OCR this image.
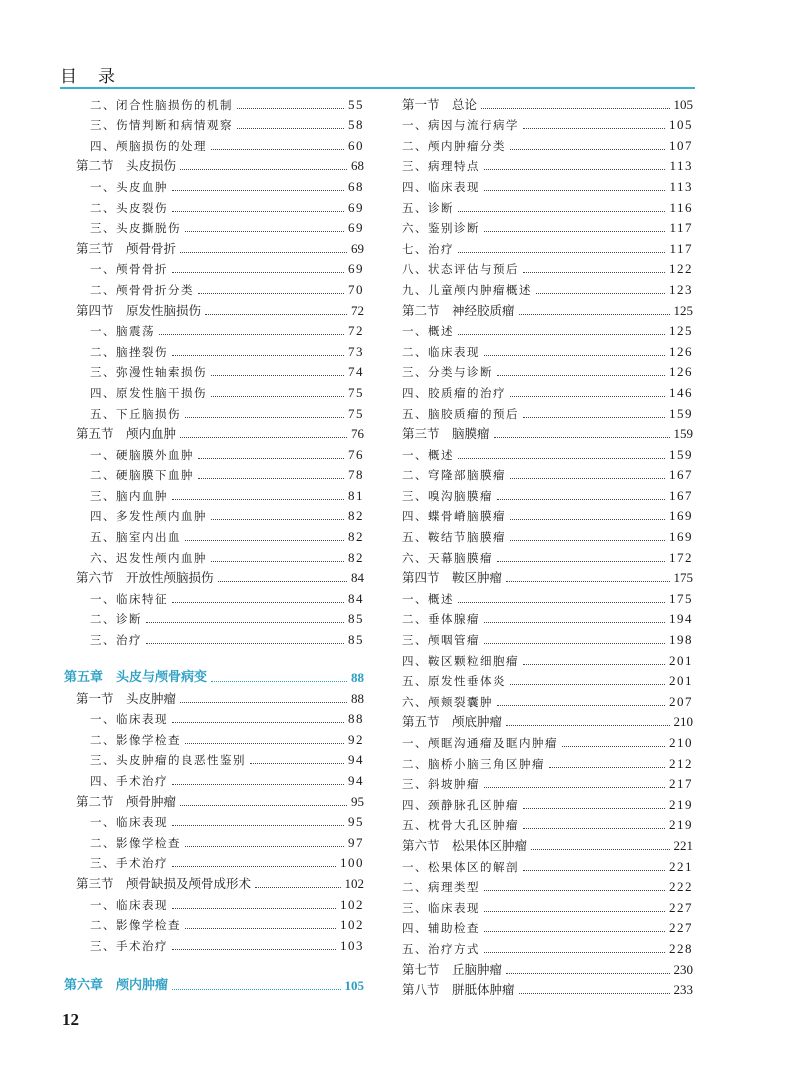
目　录
二、闭合性脑损伤的机制	55
三、伤情判断和病情观察	58
四、颅脑损伤的处理	60
第二节　头皮损伤	68
一、头皮血肿	68
二、头皮裂伤	69
三、头皮撕脱伤	69
第三节　颅骨骨折	69
一、颅骨骨折	69
二、颅骨骨折分类	70
第四节　原发性脑损伤	72
一、脑震荡	72
二、脑挫裂伤	73
三、弥漫性轴索损伤	74
四、原发性脑干损伤	75
五、下丘脑损伤	75
第五节　颅内血肿	76
一、硬脑膜外血肿	76
二、硬脑膜下血肿	78
三、脑内血肿	81
四、多发性颅内血肿	82
五、脑室内出血	82
六、迟发性颅内血肿	82
第六节　开放性颅脑损伤	84
一、临床特征	84
二、诊断	85
三、治疗	85
第五章　头皮与颅骨病变	88
第一节　头皮肿瘤	88
一、临床表现	88
二、影像学检查	92
三、头皮肿瘤的良恶性鉴别	94
四、手术治疗	94
第二节　颅骨肿瘤	95
一、临床表现	95
二、影像学检查	97
三、手术治疗	100
第三节　颅骨缺损及颅骨成形术	102
一、临床表现	102
二、影像学检查	102
三、手术治疗	103
第六章　颅内肿瘤	105
第一节　总论	105
一、病因与流行病学	105
二、颅内肿瘤分类	107
三、病理特点	113
四、临床表现	113
五、诊断	116
六、鉴别诊断	117
七、治疗	117
八、状态评估与预后	122
九、儿童颅内肿瘤概述	123
第二节　神经胶质瘤	125
一、概述	125
二、临床表现	126
三、分类与诊断	126
四、胶质瘤的治疗	146
五、脑胶质瘤的预后	159
第三节　脑膜瘤	159
一、概述	159
二、穹隆部脑膜瘤	167
三、嗅沟脑膜瘤	167
四、蝶骨嵴脑膜瘤	169
五、鞍结节脑膜瘤	169
六、天幕脑膜瘤	172
第四节　鞍区肿瘤	175
一、概述	175
二、垂体腺瘤	194
三、颅咽管瘤	198
四、鞍区颗粒细胞瘤	201
五、原发性垂体炎	201
六、颅颊裂囊肿	207
第五节　颅底肿瘤	210
一、颅眶沟通瘤及眶内肿瘤	210
二、脑桥小脑三角区肿瘤	212
三、斜坡肿瘤	217
四、颈静脉孔区肿瘤	219
五、枕骨大孔区肿瘤	219
第六节　松果体区肿瘤	221
一、松果体区的解剖	221
二、病理类型	222
三、临床表现	227
四、辅助检查	227
五、治疗方式	228
第七节　丘脑肿瘤	230
第八节　胼胝体肿瘤	233
12
